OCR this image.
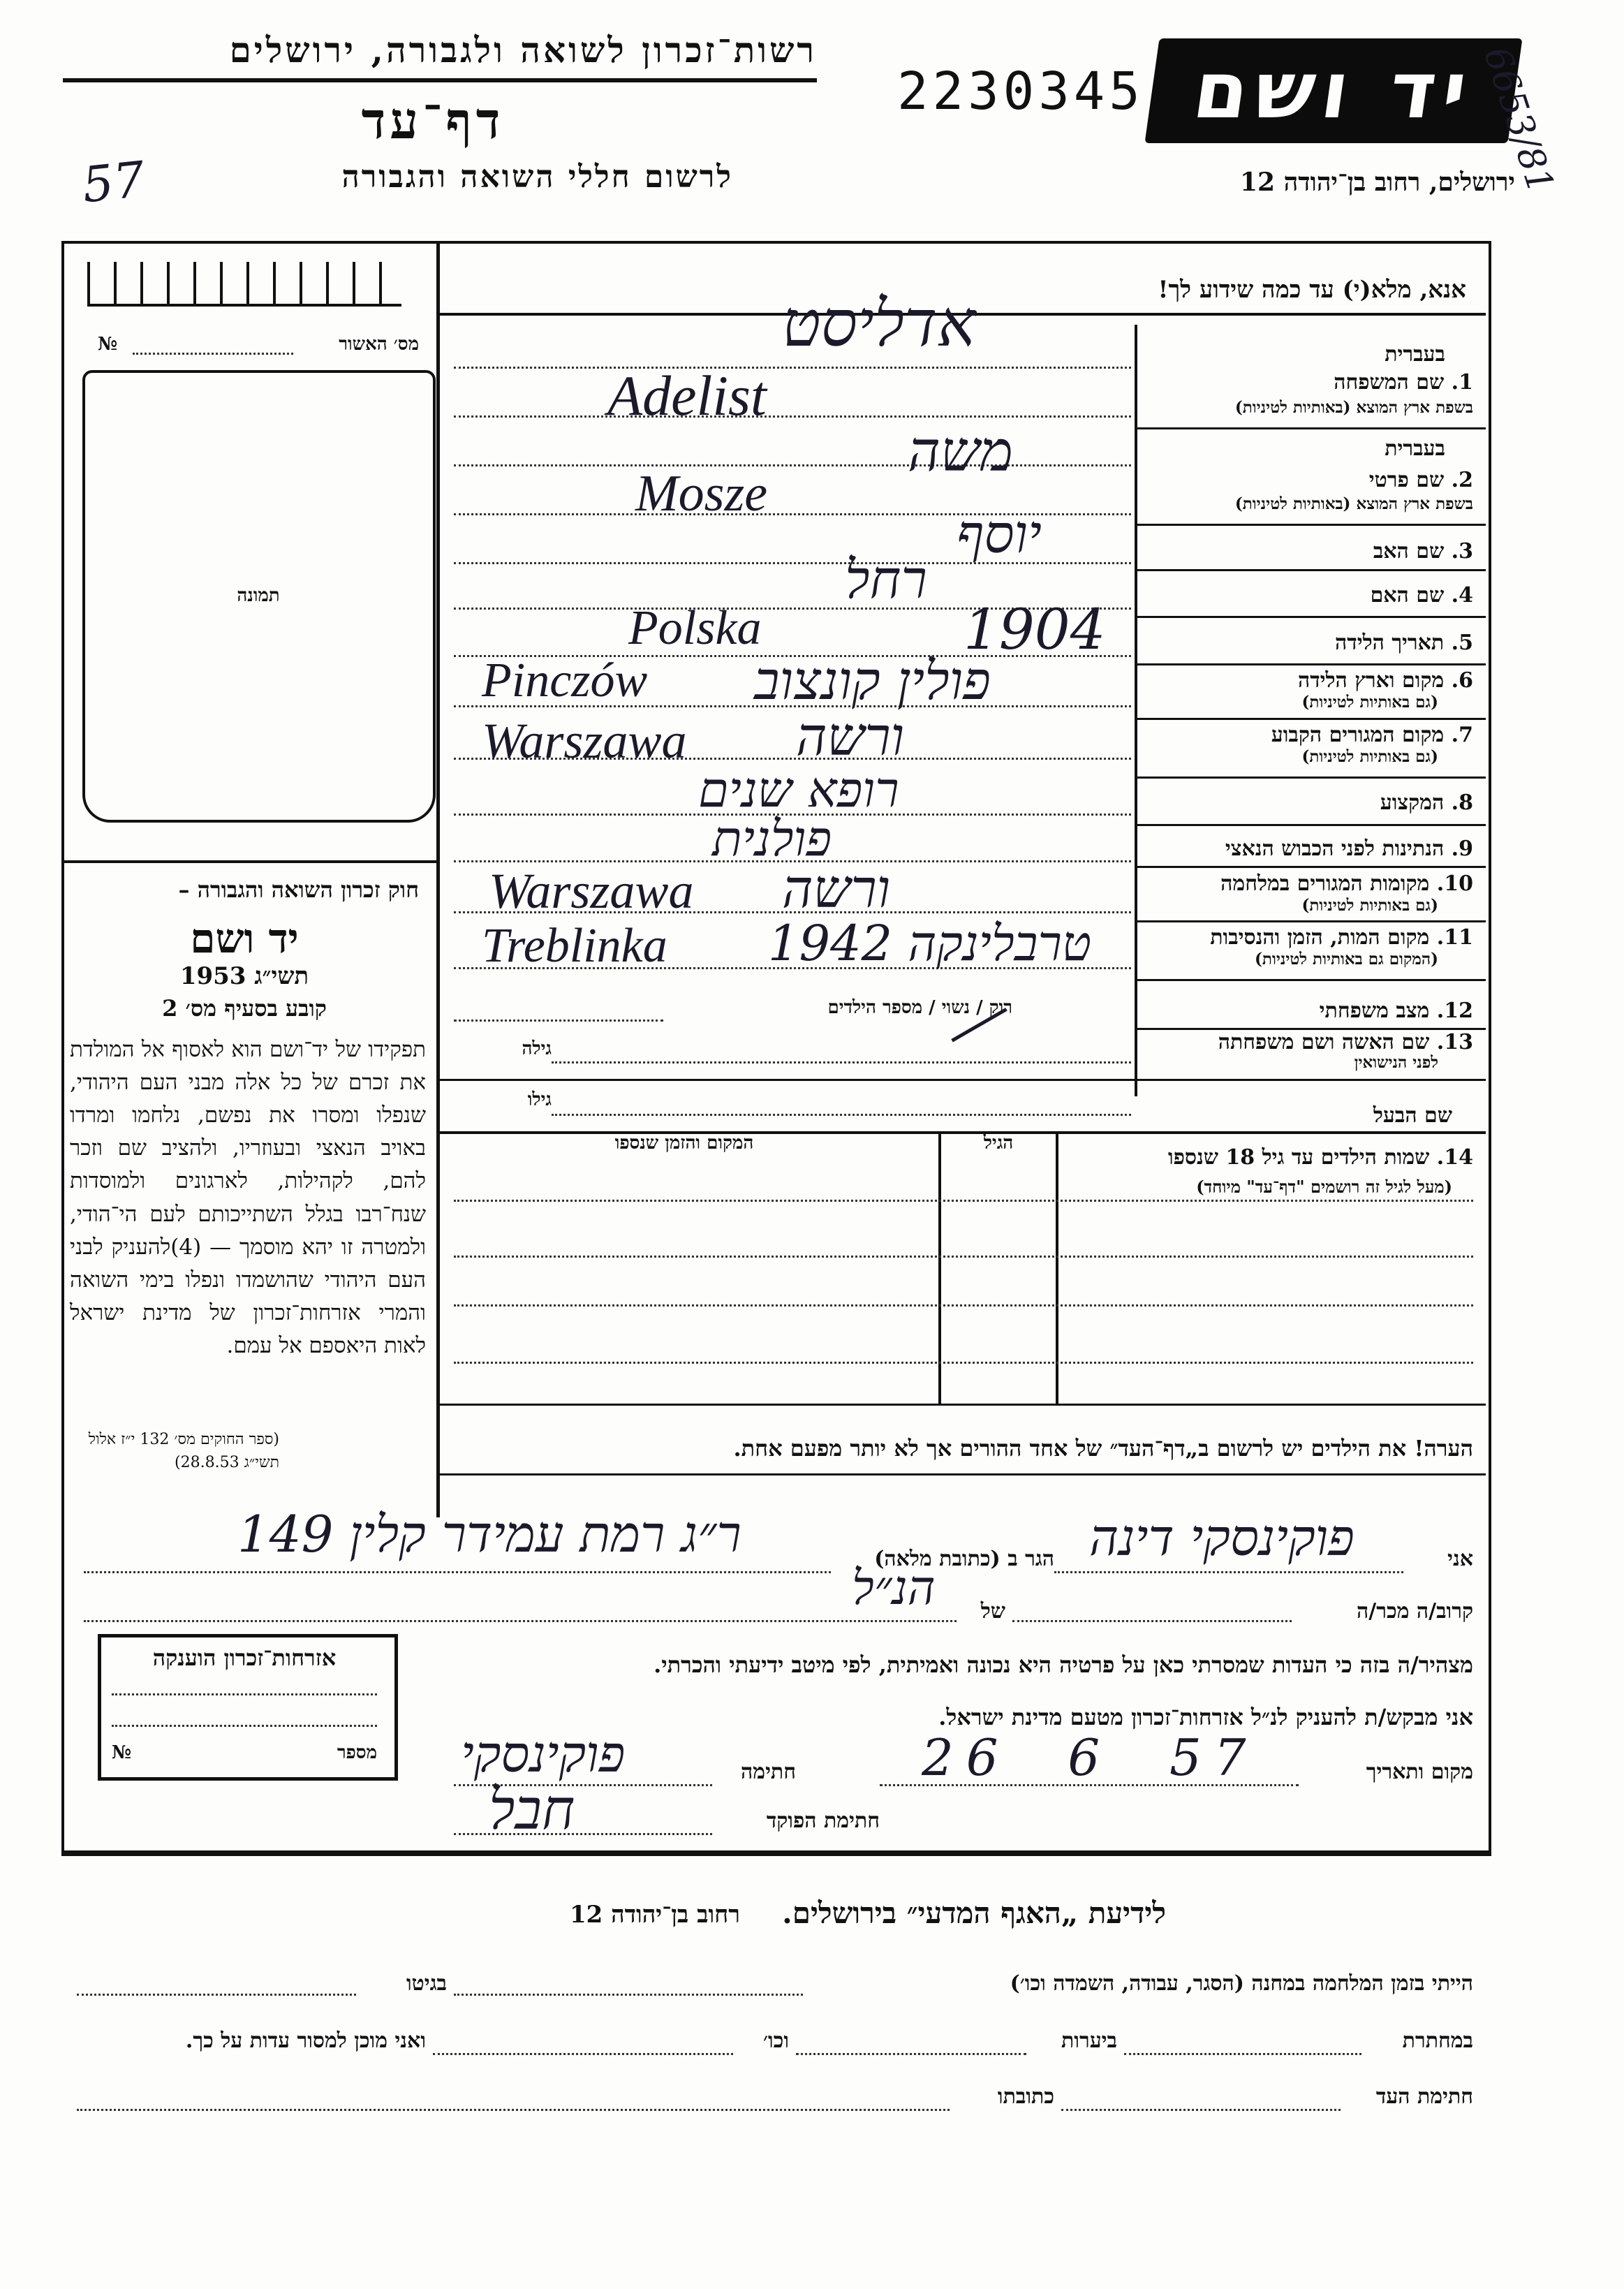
רשות־זכרון לשואה ולגבורה, ירושלים
דף־עד
לרשום חללי השואה והגבורה
57
2230345 יד ושם
6653/81
ירושלים, רחוב בן־יהודה 12
אנא, מלא(י) עד כמה שידוע לך!
מס׳ האשור
№
תמונה
בעברית
1. שם המשפחה
בשפת ארץ המוצא (באותיות לטיניות)
אדליסט
Adelist
בעברית
2. שם פרטי
בשפת ארץ המוצא (באותיות לטיניות)
משה
Mosze
3. שם האב
יוסף
4. שם האם
רחל
5. תאריך הלידה
1904
Polska
6. מקום וארץ הלידה
(גם באותיות לטיניות)
פולין קונצוב
Pinczów
7. מקום המגורים הקבוע
(גם באותיות לטיניות)
ורשה
Warszawa
8. המקצוע
רופא שנים
9. הנתינות לפני הכבוש הנאצי
פולנית
10. מקומות המגורים במלחמה
(גם באותיות לטיניות)
ורשה
Warszawa
11. מקום המות, הזמן והנסיבות
(המקום גם באותיות לטיניות)
טרבלינקה 1942
Treblinka
12. מצב משפחתי
רוק / נשוי / מספר הילדים
13. שם האשה ושם משפחתה
לפני הנישואין
גילה
שם הבעל
גילו
14. שמות הילדים עד גיל 18 שנספו
(מעל לגיל זה רושמים "דף־עד" מיוחד)
הגיל
המקום והזמן שנספו
הערה! את הילדים יש לרשום ב„דף־העד״ של אחד ההורים אך לא יותר מפעם אחת.
חוק זכרון השואה והגבורה –
יד ושם
תשי״ג 1953
קובע בסעיף מס׳ 2
תפקידו של יד־ושם הוא לאסוף אל המולדת את זכרם של כל אלה מבני העם היהודי, שנפלו ומסרו את נפשם, נלחמו ומרדו באויב הנאצי ובעוזריו, ולהציב שם וזכר להם, לקהילות, לארגונים ולמוסדות שנח־רבו בגלל השתייכותם לעם הי־הודי, ולמטרה זו יהא מוסמך — (4)להעניק לבני העם היהודי שהושמדו ונפלו בימי השואה והמרי אזרחות־זכרון של מדינת ישראל לאות היאספם אל עמם.
(ספר החוקים מס׳ 132 י״ז אלול תשי״ג 28.8.53)
אני
פוקינסקי דינה
הגר ב (כתובת מלאה)
ר״ג רמת עמידר קלין 149
קרוב/ה מכר/ה
הנ״ל	של
מצהיר/ה בזה כי העדות שמסרתי כאן על פרטיה היא נכונה ואמיתית, לפי מיטב ידיעתי והכרתי.
אני מבקש/ת להעניק לנ״ל אזרחות־זכרון מטעם מדינת ישראל.
מקום ותאריך
26  6  57
חתימה
פוקינסקי
חתימת הפוקד
חבל
אזרחות־זכרון הוענקה
מספר
№
לידיעת „האגף המדעי״ בירושלים.
רחוב בן־יהודה 12
הייתי בזמן המלחמה במחנה (הסגר, עבודה, השמדה וכו׳)
בגיטו
במחתרת
ביערות
וכו׳
ואני מוכן למסור עדות על כך.
חתימת העד
כתובתו
